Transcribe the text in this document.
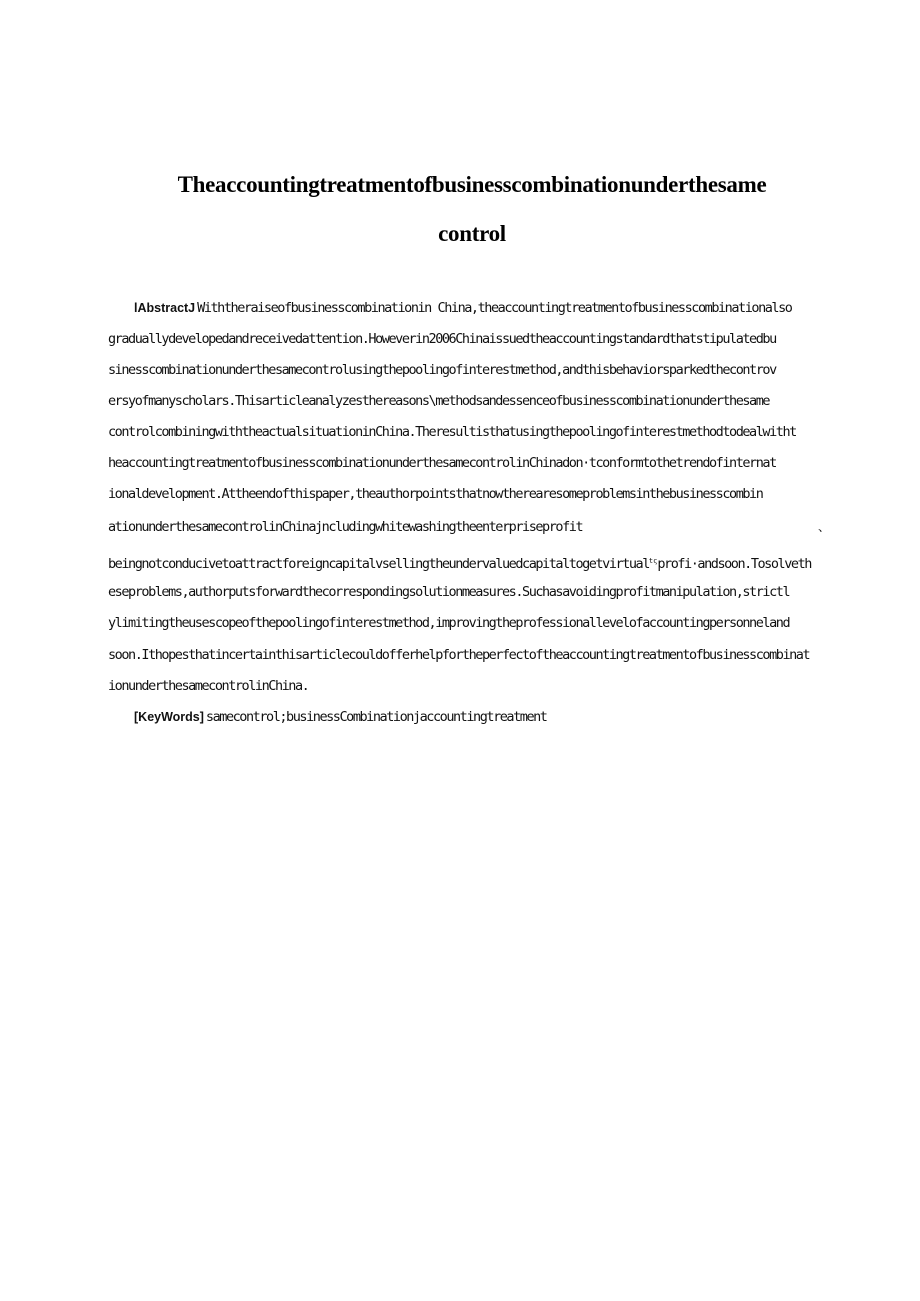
Theaccountingtreatmentofbusinesscombinationunderthesame
control
lAbstractJ Withtheraiseofbusinesscombinationin China,theaccountingtreatmentofbusinesscombinationalso
graduallydevelopedandreceivedattention.Howeverin2006Chinaissuedtheaccountingstandardthatstipulatedbu
sinesscombinationunderthesamecontrolusingthepoolingofinterestmethod,andthisbehaviorsparkedthecontrov
ersyofmanyscholars.Thisarticleanalyzesthereasons\methodsandessenceofbusinesscombinationunderthesame
controlcombiningwiththeactualsituationinChina.Theresultisthatusingthepoolingofinterestmethodtodealwitht
heaccountingtreatmentofbusinesscombinationunderthesamecontrolinChinadon·tconformtothetrendofinternat
ionaldevelopment.Attheendofthispaper,theauthorpointsthatnowtherearesomeproblemsinthebusinesscombin
ationunderthesamecontrolinChinajncludingwhitewashingtheenterpriseprofit	、
beingnotconducivetoattractforeigncapitalvsellingtheundervaluedcapitaltogetvirtual$^{t\varsigma}$profi·andsoon.Tosolveth
eseproblems,authorputsforwardthecorrespondingsolutionmeasures.Suchasavoidingprofitmanipulation,strictl
ylimitingtheusescopeofthepoolingofinterestmethod,improvingtheprofessionallevelofaccountingpersonneland
soon.Ithopesthatincertainthisarticlecouldofferhelpfortheperfectoftheaccountingtreatmentofbusinesscombinat
ionunderthesamecontrolinChina.
[KeyWords] samecontrol;businessCombinationjaccountingtreatment
